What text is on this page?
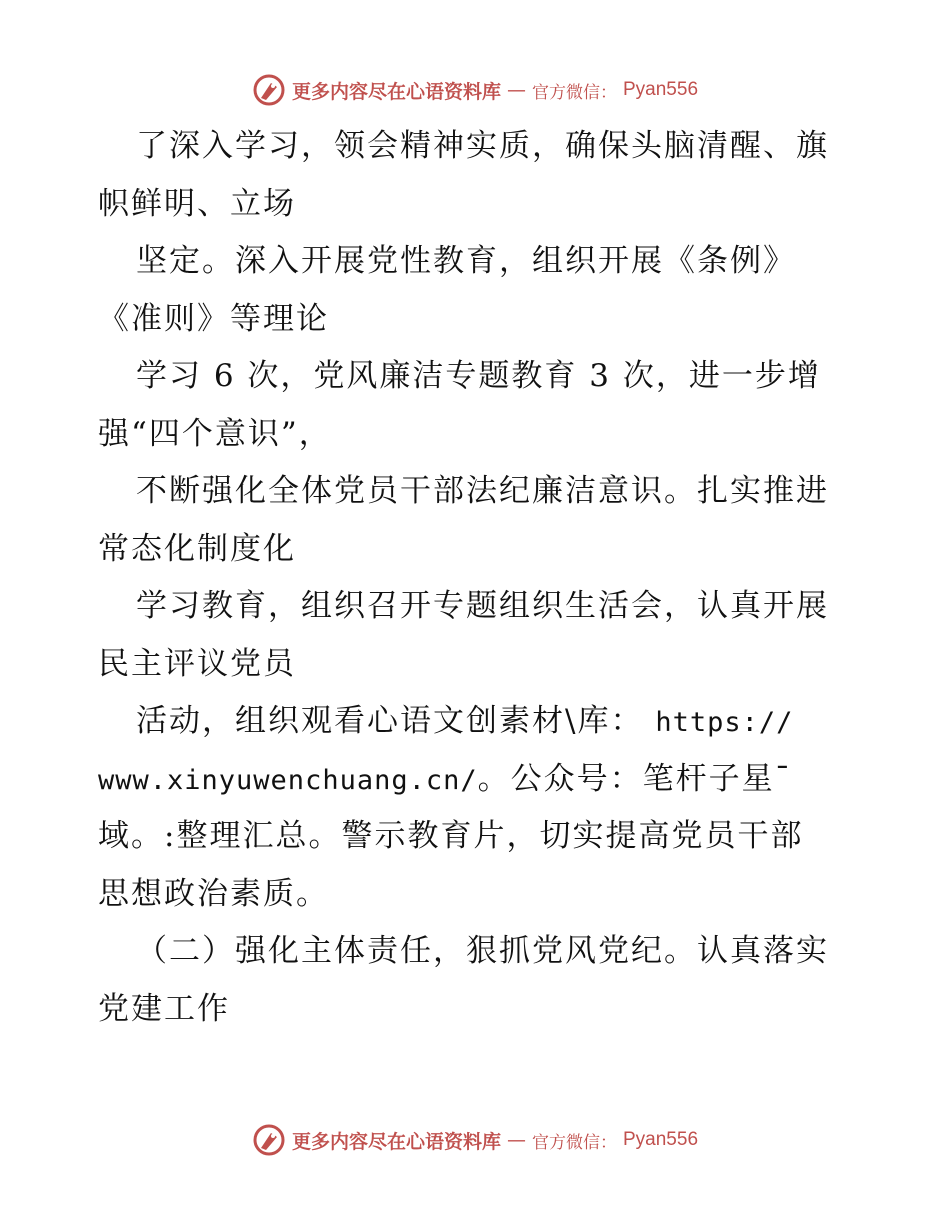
更多内容尽在心语资料库 — 官方微信： Pyan556
了深入学习，领会精神实质，确保头脑清醒、旗
帜鲜明、立场
坚定。深入开展党性教育，组织开展《条例》
《准则》等理论
学习 6 次，党风廉洁专题教育 3 次，进一步增
强“四个意识”，
不断强化全体党员干部法纪廉洁意识。扎实推进
常态化制度化
学习教育，组织召开专题组织生活会，认真开展
民主评议党员
活动，组织观看心语文创素材\库： https://
www.xinyuwenchuang.cn/。公众号：笔杆子星¯
域。:整理汇总。警示教育片，切实提高党员干部
思想政治素质。
（二）强化主体责任，狠抓党风党纪。认真落实
党建工作
更多内容尽在心语资料库 — 官方微信： Pyan556
